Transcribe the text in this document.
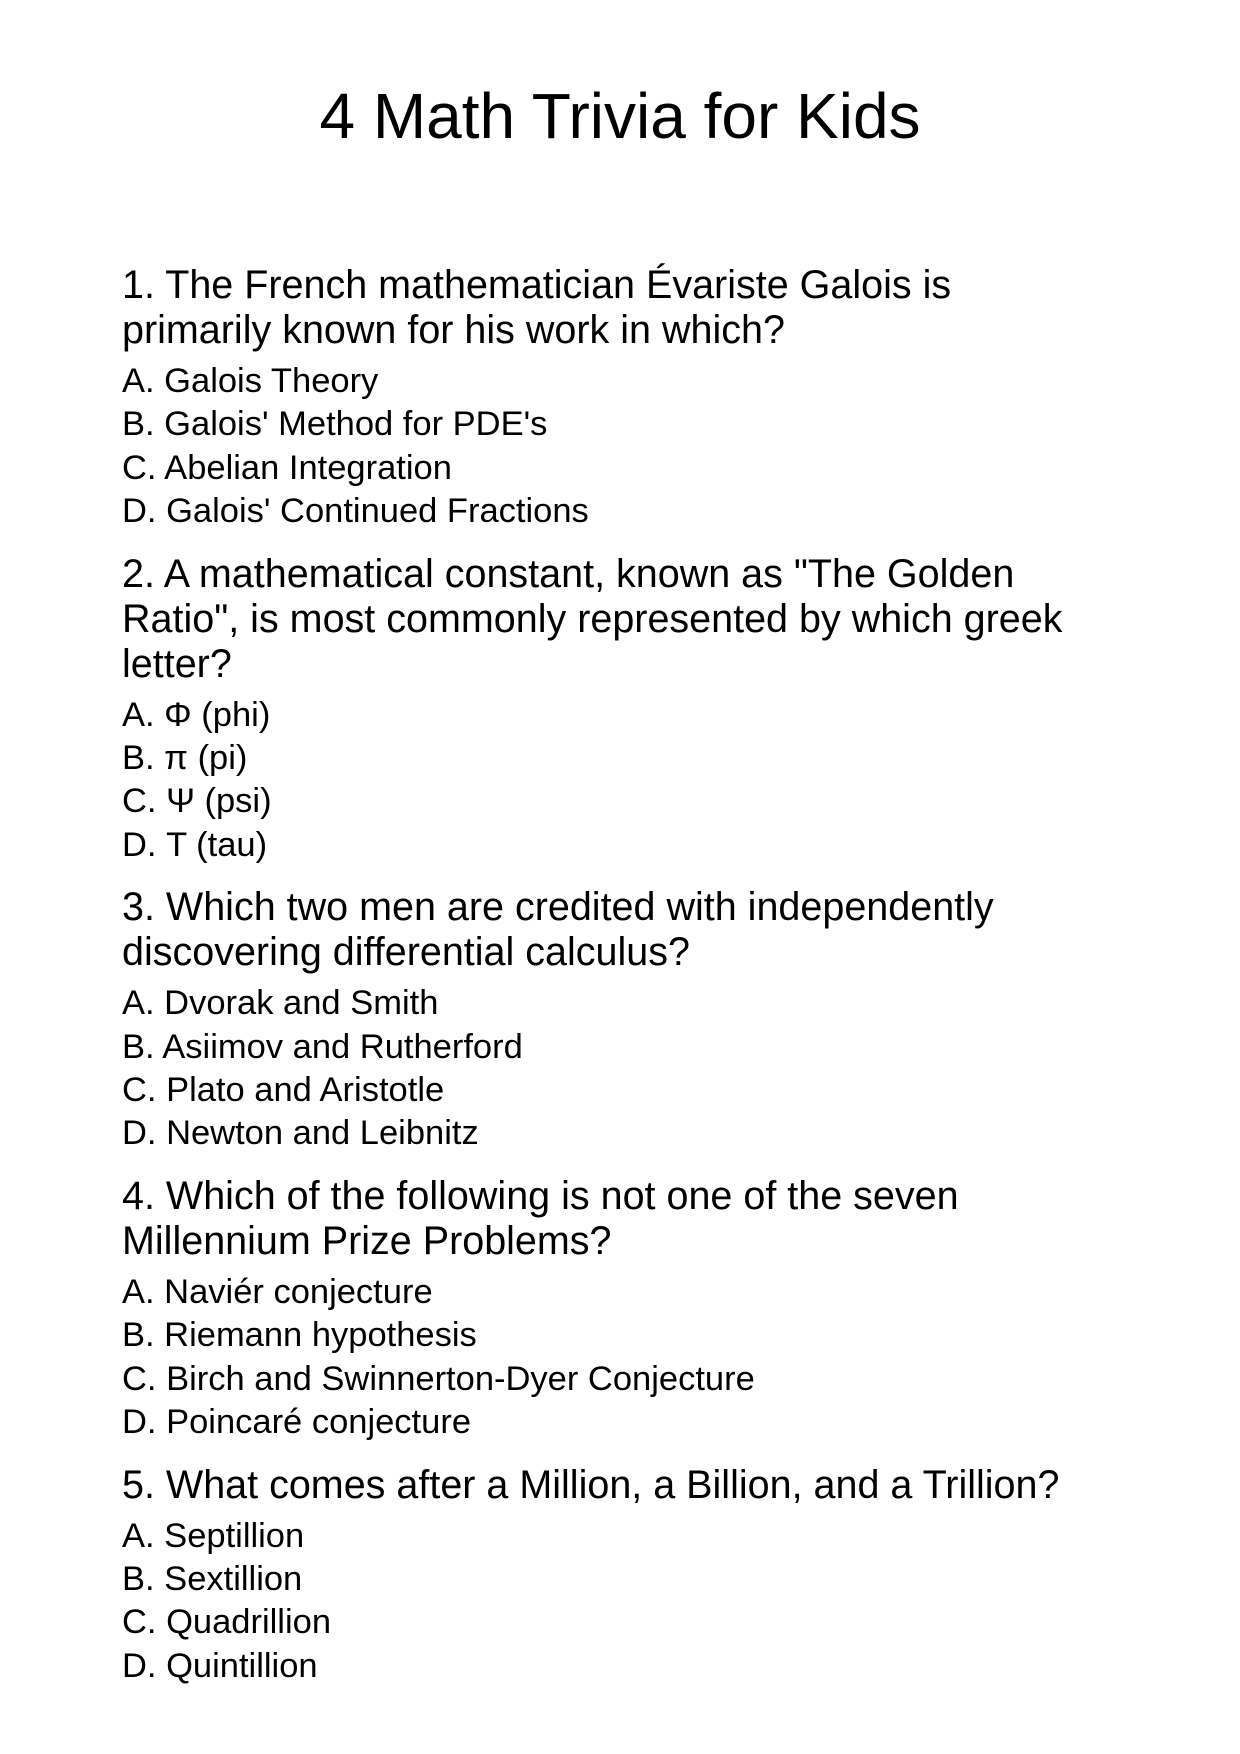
4 Math Trivia for Kids

1. The French mathematician Évariste Galois is primarily known for his work in which?

A. Galois Theory
B. Galois' Method for PDE's
C. Abelian Integration
D. Galois' Continued Fractions

2. A mathematical constant, known as "The Golden Ratio", is most commonly represented by which greek letter?

A. Φ (phi)
B. π (pi)
C. Ψ (psi)
D. Τ (tau)

3. Which two men are credited with independently discovering differential calculus?

A. Dvorak and Smith
B. Asiimov and Rutherford
C. Plato and Aristotle
D. Newton and Leibnitz

4. Which of the following is not one of the seven Millennium Prize Problems?

A. Naviér conjecture
B. Riemann hypothesis
C. Birch and Swinnerton-Dyer Conjecture
D. Poincaré conjecture

5. What comes after a Million, a Billion, and a Trillion?

A. Septillion
B. Sextillion
C. Quadrillion
D. Quintillion
